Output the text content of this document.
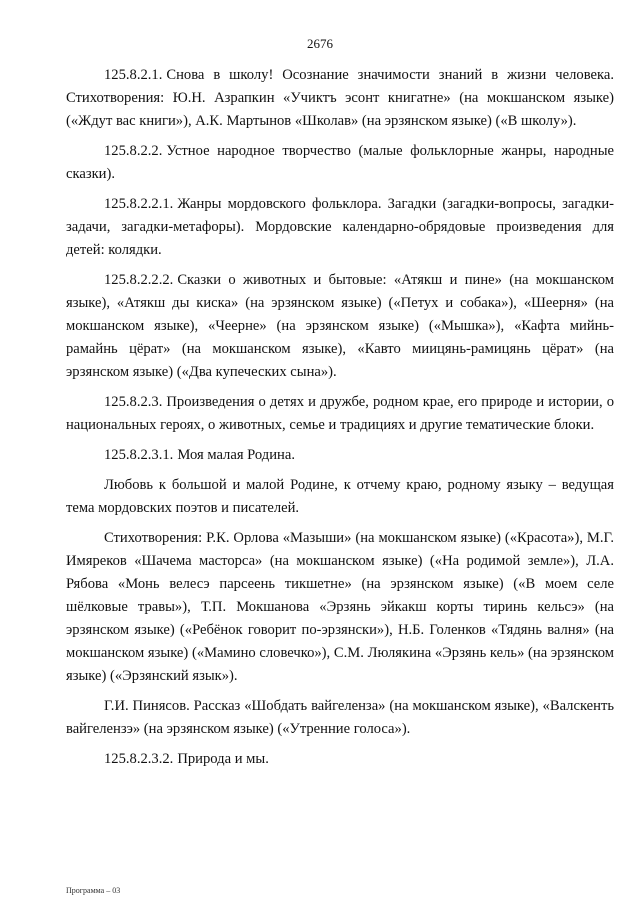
2676

125.8.2.1. Снова в школу! Осознание значимости знаний в жизни человека. Стихотворения: Ю.Н. Азрапкин «Учиктъ эсонт книгатне» (на мокшанском языке) («Ждут вас книги»), А.К. Мартынов «Школав» (на эрзянском языке) («В школу»).

125.8.2.2. Устное народное творчество (малые фольклорные жанры, народные сказки).

125.8.2.2.1. Жанры мордовского фольклора. Загадки (загадки-вопросы, загадки-задачи, загадки-метафоры). Мордовские календарно-обрядовые произведения для детей: колядки.

125.8.2.2.2. Сказки о животных и бытовые: «Атякш и пине» (на мокшанском языке), «Атякш ды киска» (на эрзянском языке) («Петух и собака»), «Шеерня» (на мокшанском языке), «Чеерне» (на эрзянском языке) («Мышка»), «Кафта мийнь-рамайнь цёрат» (на мокшанском языке), «Кавто миицянь-рамицянь цёрат» (на эрзянском языке) («Два купеческих сына»).

125.8.2.3. Произведения о детях и дружбе, родном крае, его природе и истории, о национальных героях, о животных, семье и традициях и другие тематические блоки.

125.8.2.3.1. Моя малая Родина.

Любовь к большой и малой Родине, к отчему краю, родному языку – ведущая тема мордовских поэтов и писателей.

Стихотворения: Р.К. Орлова «Мазыши» (на мокшанском языке) («Красота»), М.Г. Имяреков «Шачема масторса» (на мокшанском языке) («На родимой земле»), Л.А. Рябова «Монь велесэ парсеень тикшетне» (на эрзянском языке) («В моем селе шёлковые травы»), Т.П. Мокшанова «Эрзянь эйкакш корты тиринь кельсэ» (на эрзянском языке) («Ребёнок говорит по-эрзянски»), Н.Б. Голенков «Тядянь валня» (на мокшанском языке) («Мамино словечко»), С.М. Люлякина «Эрзянь кель» (на эрзянском языке) («Эрзянский язык»).

Г.И. Пинясов. Рассказ «Шобдать вайгеленза» (на мокшанском языке), «Валскенть вайгелензэ» (на эрзянском языке) («Утренние голоса»).

125.8.2.3.2. Природа и мы.

Программа – 03
